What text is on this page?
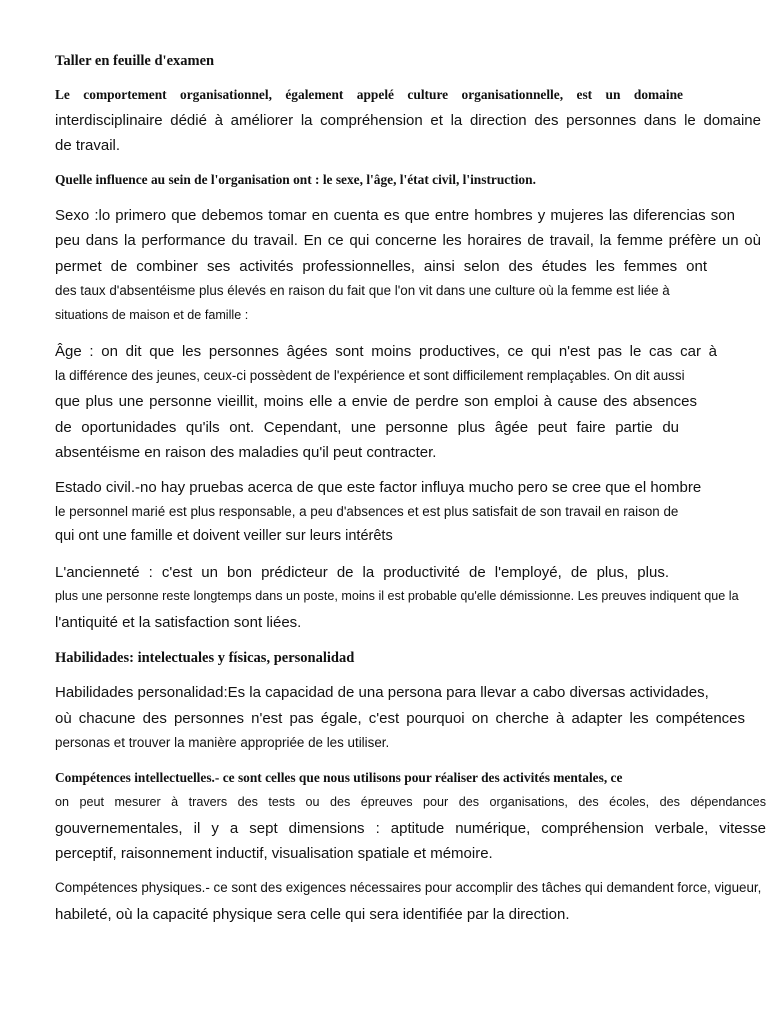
Taller en feuille d'examen

Le comportement organisationnel, également appelé culture organisationnelle, est un domaine

interdisciplinaire dédié à améliorer la compréhension et la direction des personnes dans le domaine

de travail.

Quelle influence au sein de l'organisation ont : le sexe, l'âge, l'état civil, l'instruction.

Sexo :lo primero que debemos tomar en cuenta es que entre hombres y mujeres las diferencias son

peu dans la performance du travail. En ce qui concerne les horaires de travail, la femme préfère un où

permet de combiner ses activités professionnelles, ainsi selon des études les femmes ont

des taux d'absentéisme plus élevés en raison du fait que l'on vit dans une culture où la femme est liée à

situations de maison et de famille :

Âge : on dit que les personnes âgées sont moins productives, ce qui n'est pas le cas car à

la différence des jeunes, ceux-ci possèdent de l'expérience et sont difficilement remplaçables. On dit aussi

que plus une personne vieillit, moins elle a envie de perdre son emploi à cause des absences

de oportunidades qu'ils ont. Cependant, une personne plus âgée peut faire partie du

absentéisme en raison des maladies qu'il peut contracter.

Estado civil.-no hay pruebas acerca de que este factor influya mucho pero se cree que el hombre

le personnel marié est plus responsable, a peu d'absences et est plus satisfait de son travail en raison de

qui ont une famille et doivent veiller sur leurs intérêts

L'ancienneté : c'est un bon prédicteur de la productivité de l'employé, de plus, plus.

plus une personne reste longtemps dans un poste, moins il est probable qu'elle démissionne. Les preuves indiquent que la

l'antiquité et la satisfaction sont liées.

Habilidades: intelectuales y físicas, personalidad

Habilidades personalidad:Es la capacidad de una persona para llevar a cabo diversas actividades,

où chacune des personnes n'est pas égale, c'est pourquoi on cherche à adapter les compétences

personas et trouver la manière appropriée de les utiliser.

Compétences intellectuelles.- ce sont celles que nous utilisons pour réaliser des activités mentales, ce

on peut mesurer à travers des tests ou des épreuves pour des organisations, des écoles, des dépendances

gouvernementales, il y a sept dimensions : aptitude numérique, compréhension verbale, vitesse

perceptif, raisonnement inductif, visualisation spatiale et mémoire.

Compétences physiques.- ce sont des exigences nécessaires pour accomplir des tâches qui demandent force, vigueur,

habileté, où la capacité physique sera celle qui sera identifiée par la direction.
